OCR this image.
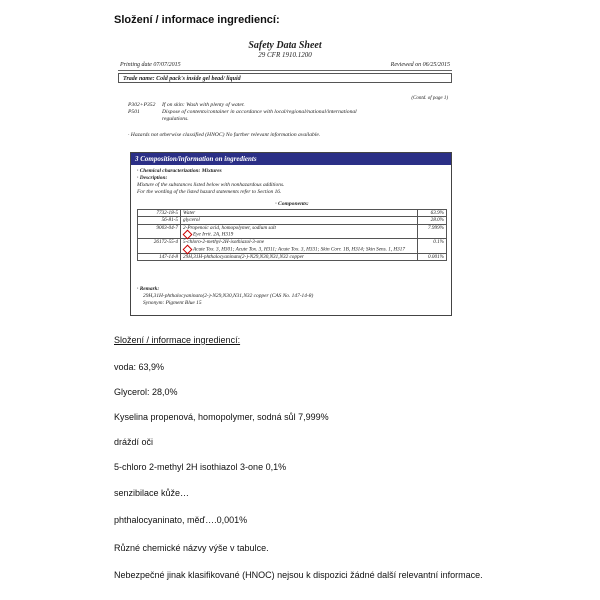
Složení / informace ingrediencí:
Safety Data Sheet
29 CFR 1910.1200
Printing date 07/07/2015	Reviewed on 06/25/2015
Trade name: Cold pack's inside gel bead/ liquid
(Contd. of page 1)
P302+P352 If on skin: Wash with plenty of water.
P501	Dispose of contents/container in accordance with local/regional/national/international
regulations.
· Hazards not otherwise classified (HNOC) No further relevant information available.
3 Composition/information on ingredients
· Chemical characterization: Mixtures
· Description:
Mixture of the substances listed below with nonhazardous additions.
For the wording of the listed hazard statements refer to Section 16.
· Components:
7732-18-5	Water	63.9%
56-81-5	glycerol	28.0%
9003-04-7	2-Propenoic acid, homopolymer, sodium salt
Eye Irrit. 2A, H319	7.999%
26172-55-4	5-chloro-2-methyl-2H-isothiazol-3-one
Acute Tox. 3, H301; Acute Tox. 3, H311; Acute Tox. 3, H331; Skin Corr. 1B, H314; Skin Sens. 1, H317	0.1%
147-14-8	29H,31H-phthalocyaninato(2-)-N29,N30,N31,N32 copper	0.001%
· Remark:
29H,31H-phthalocyaninato(2-)-N29,N30,N31,N32 copper (CAS No. 147-14-8)
Synonym: Pigment Blue 15
Složení / informace ingrediencí:
voda: 63,9%
Glycerol: 28,0%
Kyselina propenová, homopolymer, sodná sůl 7,999%
dráždí oči
5-chloro 2-methyl 2H isothiazol 3-one 0,1%
senzibilace kůže…
phthalocyaninato, měď….0,001%
Různé chemické názvy výše v tabulce.
Nebezpečné jinak klasifikované (HNOC) nejsou k dispozici žádné další relevantní informace.
